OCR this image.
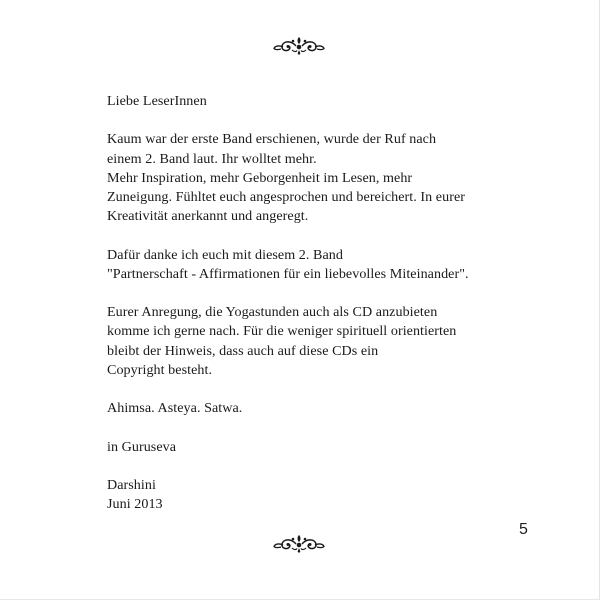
Liebe LeserInnen

Kaum war der erste Band erschienen, wurde der Ruf nach
einem 2. Band laut. Ihr wolltet mehr.
Mehr Inspiration, mehr Geborgenheit im Lesen, mehr
Zuneigung. Fühltet euch angesprochen und bereichert. In eurer
Kreativität anerkannt und angeregt.

Dafür danke ich euch mit diesem 2. Band
"Partnerschaft - Affirmationen für ein liebevolles Miteinander".

Eurer Anregung, die Yogastunden auch als CD anzubieten
komme ich gerne nach. Für die weniger spirituell orientierten
bleibt der Hinweis, dass auch auf diese CDs ein
Copyright besteht.

Ahimsa. Asteya. Satwa.

in Guruseva

Darshini
Juni 2013

5
